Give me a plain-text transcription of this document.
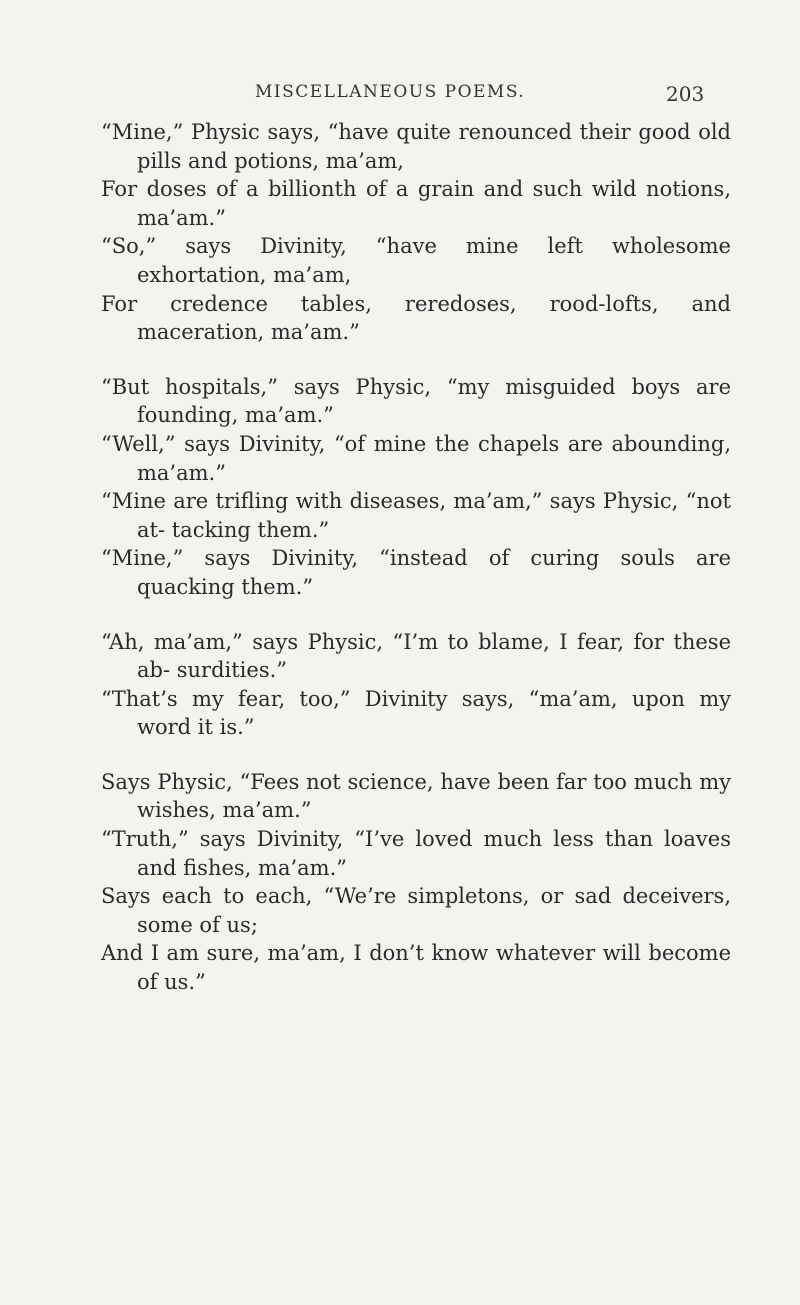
MISCELLANEOUS POEMS.	203

“Mine,” Physic says, “have quite renounced their good old pills and potions, ma’am,

For doses of a billionth of a grain and such wild notions, ma’am.”

“So,” says Divinity, “have mine left wholesome exhortation, ma’am,

For credence tables, reredoses, rood-lofts, and maceration, ma’am.”

“But hospitals,” says Physic, “my misguided boys are founding, ma’am.”

“Well,” says Divinity, “of mine the chapels are abounding, ma’am.”

“Mine are trifling with diseases, ma’am,” says Physic, “not at- tacking them.”

“Mine,” says Divinity, “instead of curing souls are quacking them.”

“Ah, ma’am,” says Physic, “I’m to blame, I fear, for these ab- surdities.”

“That’s my fear, too,” Divinity says, “ma’am, upon my word it is.”

Says Physic, “Fees not science, have been far too much my wishes, ma’am.”

“Truth,” says Divinity, “I’ve loved much less than loaves and fishes, ma’am.”

Says each to each, “We’re simpletons, or sad deceivers, some of us;

And I am sure, ma’am, I don’t know whatever will become of us.”
